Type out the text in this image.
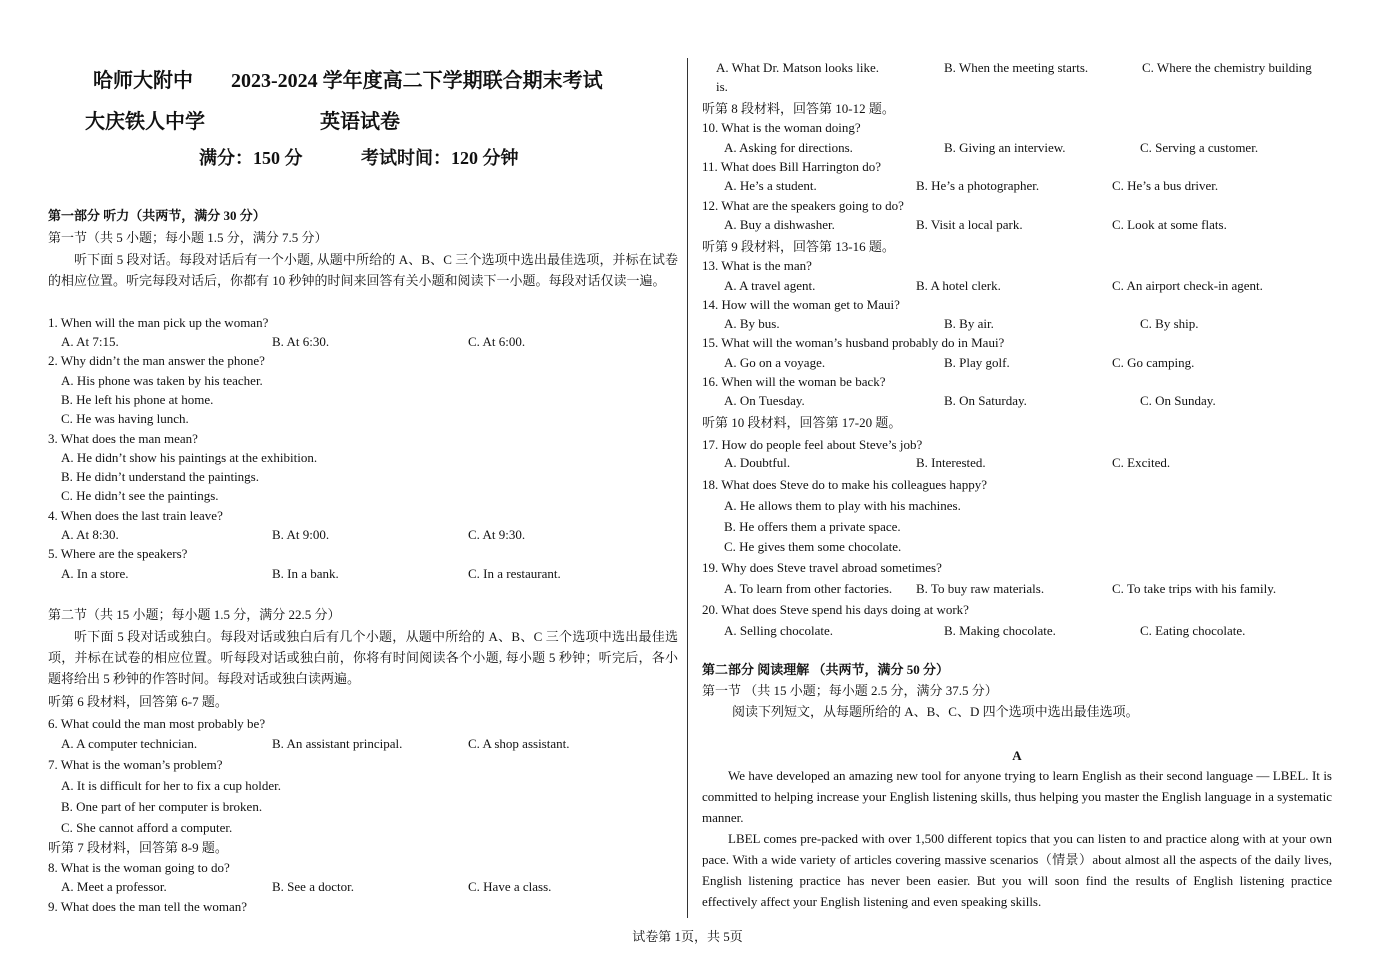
哈师大附中 2023-2024 学年度高二下学期联合期末考试
大庆铁人中学	英语试卷
满分：150 分	考试时间：120 分钟
第一部分 听力（共两节，满分 30 分）
第一节（共 5 小题；每小题 1.5 分，满分 7.5 分）
听下面 5 段对话。每段对话后有一个小题, 从题中所给的 A、B、C 三个选项中选出最佳选项，并标在试卷的相应位置。听完每段对话后，你都有 10 秒钟的时间来回答有关小题和阅读下一小题。每段对话仅读一遍。
1. When will the man pick up the woman?
A. At 7:15.	B. At 6:30.	C. At 6:00.
2. Why didn’t the man answer the phone?
A. His phone was taken by his teacher.
B. He left his phone at home.
C. He was having lunch.
3. What does the man mean?
A. He didn’t show his paintings at the exhibition.
B. He didn’t understand the paintings.
C. He didn’t see the paintings.
4. When does the last train leave?
A. At 8:30.	B. At 9:00.	C. At 9:30.
5. Where are the speakers?
A. In a store.	B. In a bank.	C. In a restaurant.
第二节（共 15 小题；每小题 1.5 分，满分 22.5 分）
听下面 5 段对话或独白。每段对话或独白后有几个小题，从题中所给的 A、B、C 三个选项中选出最佳选项，并标在试卷的相应位置。听每段对话或独白前，你将有时间阅读各个小题, 每小题 5 秒钟；听完后，各小题将给出 5 秒钟的作答时间。每段对话或独白读两遍。
听第 6 段材料，回答第 6-7 题。
6. What could the man most probably be?
A. A computer technician.	B. An assistant principal.	C. A shop assistant.
7. What is the woman’s problem?
A. It is difficult for her to fix a cup holder.
B. One part of her computer is broken.
C. She cannot afford a computer.
听第 7 段材料，回答第 8-9 题。
8. What is the woman going to do?
A. Meet a professor.	B. See a doctor.	C. Have a class.
9. What does the man tell the woman?
A. What Dr. Matson looks like.	B. When the meeting starts.	C. Where the chemistry building
is.
听第 8 段材料，回答第 10-12 题。
10. What is the woman doing?
A. Asking for directions.	B. Giving an interview.	C. Serving a customer.
11. What does Bill Harrington do?
A. He’s a student.	B. He’s a photographer.	C. He’s a bus driver.
12. What are the speakers going to do?
A. Buy a dishwasher.	B. Visit a local park.	C. Look at some flats.
听第 9 段材料，回答第 13-16 题。
13. What is the man?
A. A travel agent.	B. A hotel clerk.	C. An airport check-in agent.
14. How will the woman get to Maui?
A. By bus.	B. By air.	C. By ship.
15. What will the woman’s husband probably do in Maui?
A. Go on a voyage.	B. Play golf.	C. Go camping.
16. When will the woman be back?
A. On Tuesday.	B. On Saturday.	C. On Sunday.
听第 10 段材料，回答第 17-20 题。
17. How do people feel about Steve’s job?
A. Doubtful.	B. Interested.	C. Excited.
18. What does Steve do to make his colleagues happy?
A. He allows them to play with his machines.
B. He offers them a private space.
C. He gives them some chocolate.
19. Why does Steve travel abroad sometimes?
A. To learn from other factories. B. To buy raw materials.	C. To take trips with his family.
20. What does Steve spend his days doing at work?
A. Selling chocolate.	B. Making chocolate.	C. Eating chocolate.
第二部分 阅读理解 （共两节，满分 50 分）
第一节 （共 15 小题；每小题 2.5 分，满分 37.5 分）
阅读下列短文，从每题所给的 A、B、C、D 四个选项中选出最佳选项。
A
We have developed an amazing new tool for anyone trying to learn English as their second language — LBEL. It is committed to helping increase your English listening skills, thus helping you master the English language in a systematic manner.
LBEL comes pre-packed with over 1,500 different topics that you can listen to and practice along with at your own pace. With a wide variety of articles covering massive scenarios（情景）about almost all the aspects of the daily lives, English listening practice has never been easier. But you will soon find the results of English listening practice effectively affect your English listening and even speaking skills.
试卷第 1页，共 5页
